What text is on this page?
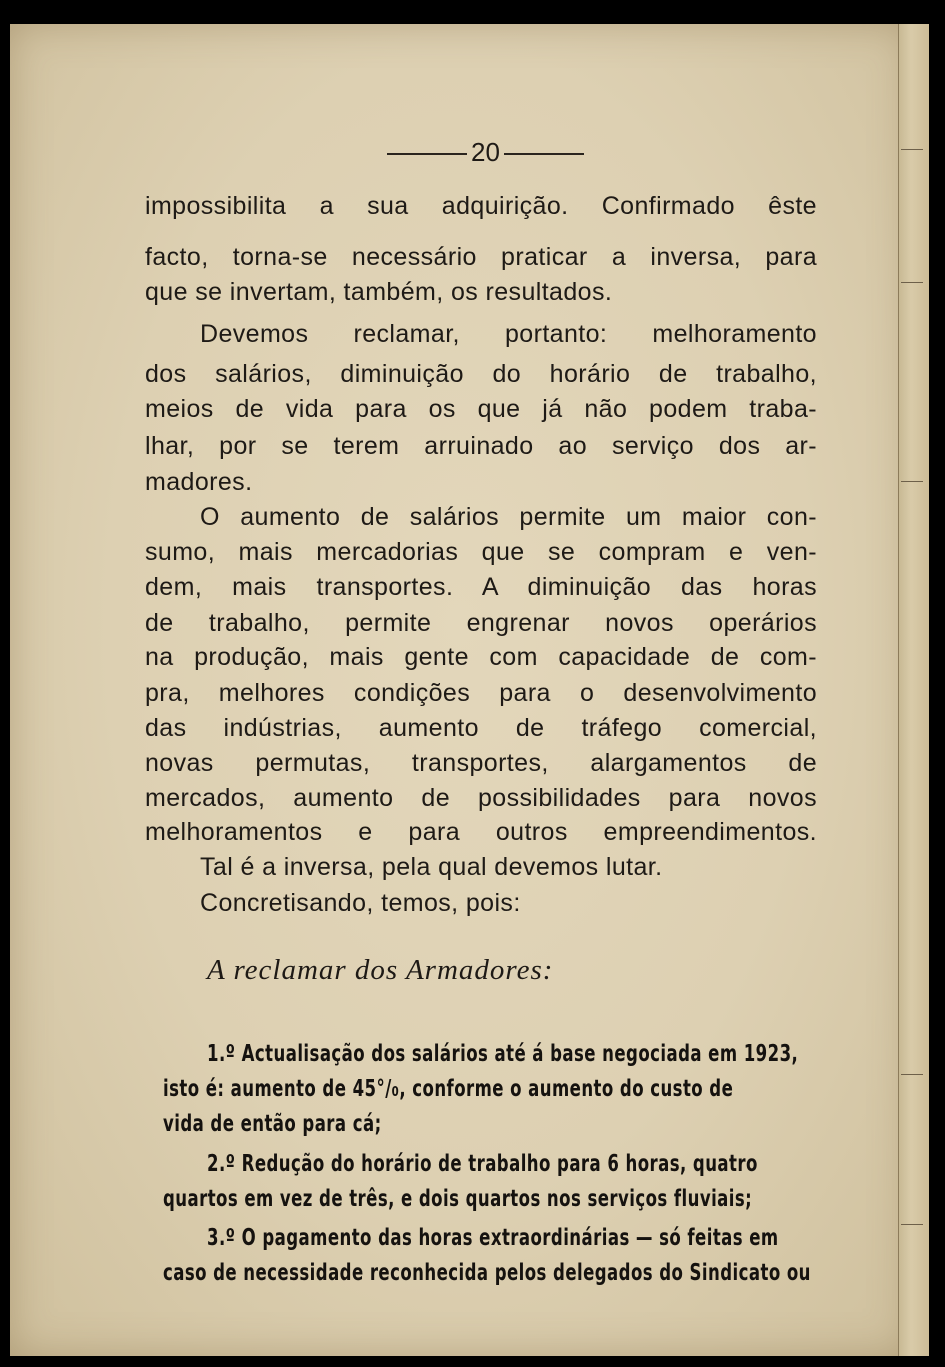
20
impossibilita a sua adquirição. Confirmado êste
facto, torna-se necessário praticar a inversa, para
que se invertam, também, os resultados.
Devemos reclamar, portanto: melhoramento
dos salários, diminuição do horário de trabalho,
meios de vida para os que já não podem traba-
lhar, por se terem arruinado ao serviço dos ar-
madores.
O aumento de salários permite um maior con-
sumo, mais mercadorias que se compram e ven-
dem, mais transportes. A diminuição das horas
de trabalho, permite engrenar novos operários
na produção, mais gente com capacidade de com-
pra, melhores condições para o desenvolvimento
das indústrias, aumento de tráfego comercial,
novas permutas, transportes, alargamentos de
mercados, aumento de possibilidades para novos
melhoramentos e para outros empreendimentos.
Tal é a inversa, pela qual devemos lutar.
Concretisando, temos, pois:
A reclamar dos Armadores:
1.º Actualisação dos salários até á base negociada em 1923,
isto é: aumento de 45°/₀, conforme o aumento do custo de
vida de então para cá;
2.º Redução do horário de trabalho para 6 horas, quatro
quartos em vez de três, e dois quartos nos serviços fluviais;
3.º O pagamento das horas extraordinárias — só feitas em
caso de necessidade reconhecida pelos delegados do Sindicato ou
